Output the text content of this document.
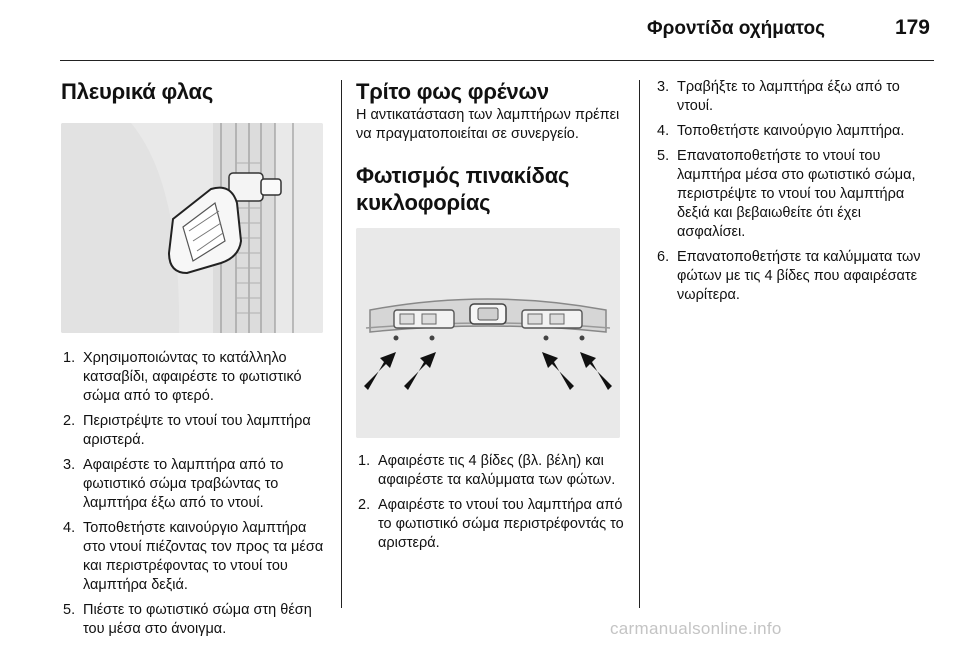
Φροντίδα οχήματος	179
Πλευρικά φλας
1. Χρησιμοποιώντας το κατάλληλο κατσαβίδι, αφαιρέστε το φωτιστικό σώμα από το φτερό.
2. Περιστρέψτε το ντουί του λαμπτήρα αριστερά.
3. Αφαιρέστε το λαμπτήρα από το φωτιστικό σώμα τραβώντας το λαμπτήρα έξω από το ντουί.
4. Τοποθετήστε καινούργιο λαμπτήρα στο ντουί πιέζοντας τον προς τα μέσα και περιστρέφοντας το ντουί του λαμπτήρα δεξιά.
5. Πιέστε το φωτιστικό σώμα στη θέση του μέσα στο άνοιγμα.
Τρίτο φως φρένων

Η αντικατάσταση των λαμπτήρων πρέπει να πραγματοποιείται σε συνεργείο.

Φωτισμός πινακίδας
κυκλοφορίας
1. Αφαιρέστε τις 4 βίδες (βλ. βέλη) και αφαιρέστε τα καλύμματα των φώτων.
2. Αφαιρέστε το ντουί του λαμπτήρα από το φωτιστικό σώμα περιστρέφοντάς το αριστερά.
3. Τραβήξτε το λαμπτήρα έξω από το ντουί.
4. Τοποθετήστε καινούργιο λαμπτήρα.
5. Επανατοποθετήστε το ντουί του λαμπτήρα μέσα στο φωτιστικό σώμα, περιστρέψτε το ντουί του λαμπτήρα δεξιά και βεβαιωθείτε ότι έχει ασφαλίσει.
6. Επανατοποθετήστε τα καλύμματα των φώτων με τις 4 βίδες που αφαιρέσατε νωρίτερα.
carmanualsonline.info
